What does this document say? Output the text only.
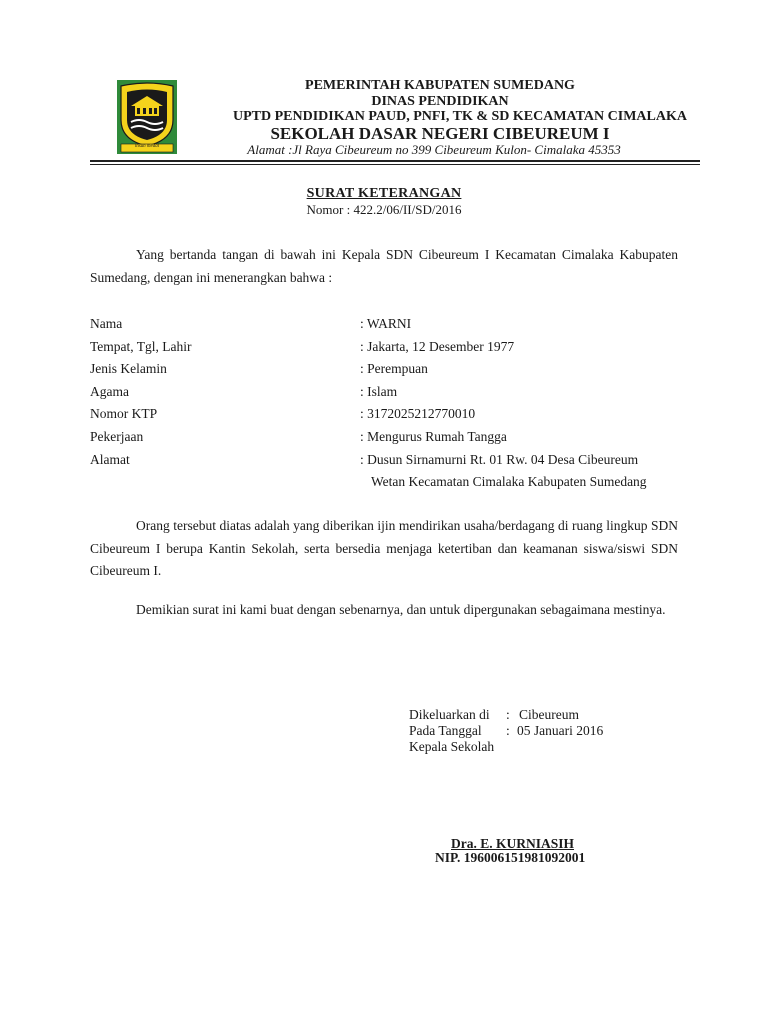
insun medal
PEMERINTAH KABUPATEN SUMEDANG
DINAS PENDIDIKAN
UPTD PENDIDIKAN PAUD, PNFI, TK & SD KECAMATAN CIMALAKA
SEKOLAH DASAR NEGERI CIBEUREUM I
Alamat :Jl Raya Cibeureum no 399 Cibeureum Kulon- Cimalaka 45353
SURAT KETERANGAN
Nomor : 422.2/06/II/SD/2016
Yang bertanda tangan di bawah ini Kepala SDN Cibeureum I Kecamatan Cimalaka Kabupaten Sumedang, dengan ini menerangkan bahwa :
Nama	: WARNI
Tempat, Tgl, Lahir	: Jakarta, 12 Desember 1977
Jenis Kelamin	: Perempuan
Agama	: Islam
Nomor KTP	: 3172025212770010
Pekerjaan	: Mengurus Rumah Tangga
Alamat	: Dusun Sirnamurni Rt. 01 Rw. 04 Desa Cibeureum
Wetan Kecamatan Cimalaka Kabupaten Sumedang
Orang tersebut diatas adalah yang diberikan ijin mendirikan usaha/berdagang di ruang lingkup SDN Cibeureum I berupa Kantin Sekolah, serta bersedia menjaga ketertiban dan keamanan siswa/siswi SDN Cibeureum I.
Demikian surat ini kami buat dengan sebenarnya, dan untuk dipergunakan sebagaimana mestinya.
Dikeluarkan di : Cibeureum
Pada Tanggal : 05 Januari 2016
Kepala Sekolah
Dra. E. KURNIASIH
NIP. 196006151981092001
